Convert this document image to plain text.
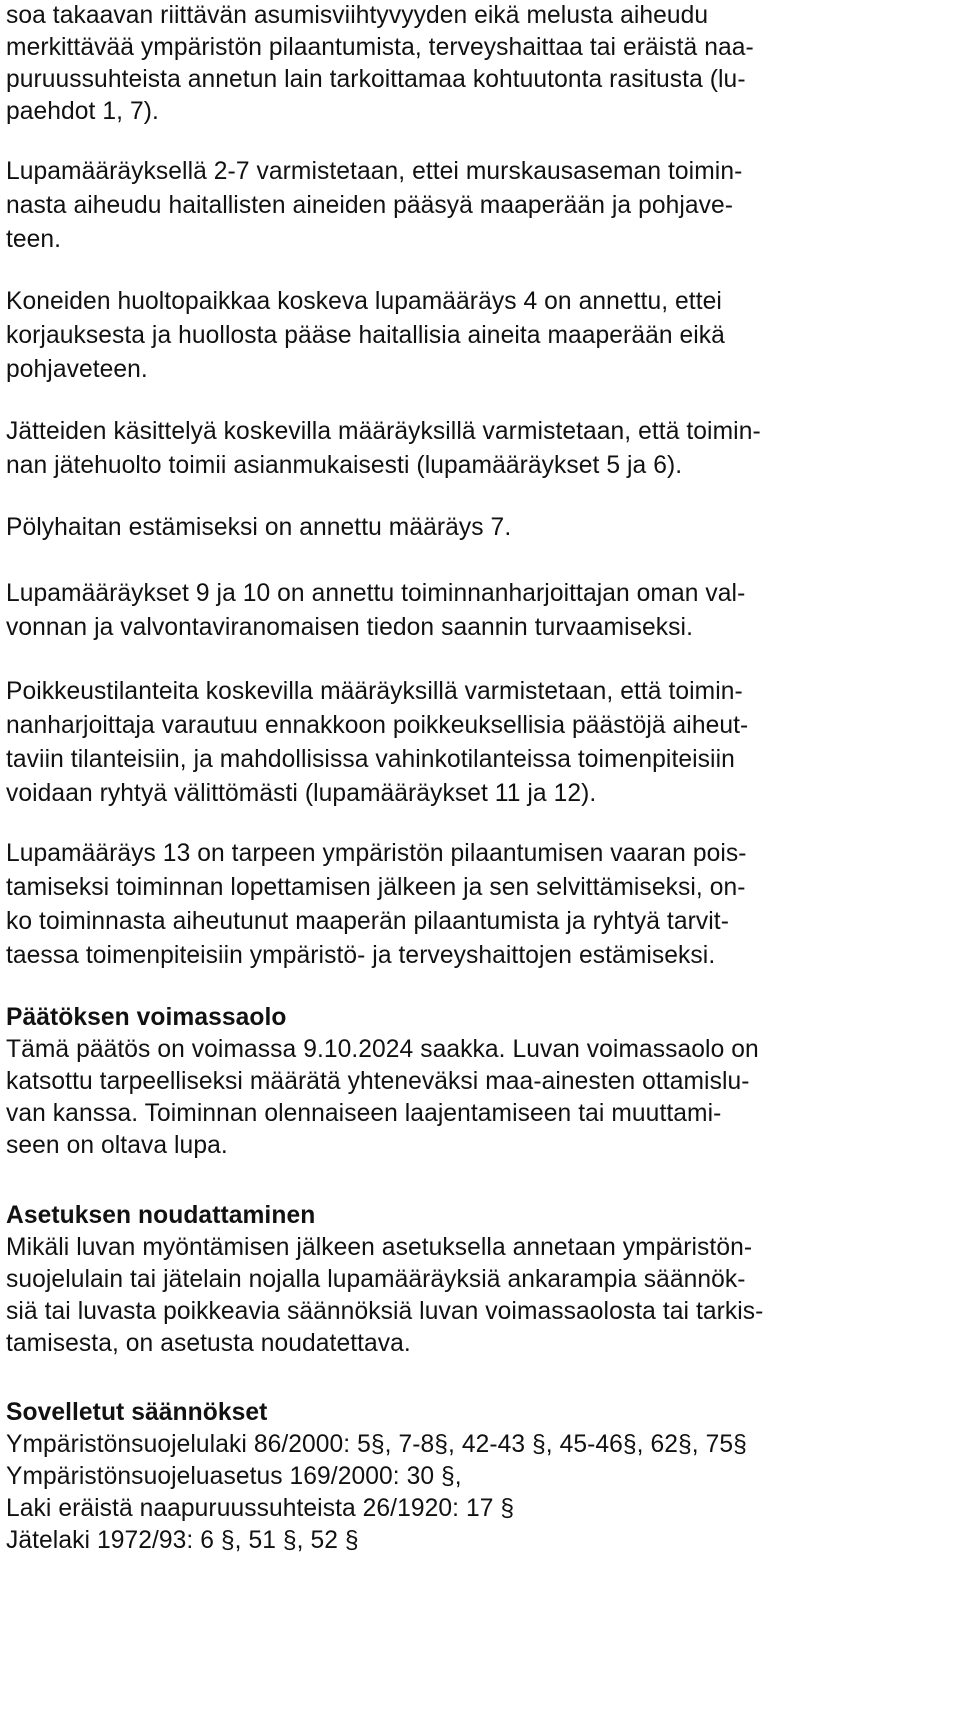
soa takaavan riittävän asumisviihtyvyyden eikä melusta aiheudu
merkittävää ympäristön pilaantumista, terveyshaittaa tai eräistä naa-
puruussuhteista annetun lain tarkoittamaa kohtuutonta rasitusta (lu-
paehdot 1, 7).
Lupamääräyksellä 2-7 varmistetaan, ettei murskausaseman toimin-
nasta aiheudu haitallisten aineiden pääsyä maaperään ja pohjave-
teen.
Koneiden huoltopaikkaa koskeva lupamääräys 4 on annettu, ettei
korjauksesta ja huollosta pääse haitallisia aineita maaperään eikä
pohjaveteen.
Jätteiden käsittelyä koskevilla määräyksillä varmistetaan, että toimin-
nan jätehuolto toimii asianmukaisesti (lupamääräykset 5 ja 6).
Pölyhaitan estämiseksi on annettu määräys 7.
Lupamääräykset 9 ja 10 on annettu toiminnanharjoittajan oman val-
vonnan ja valvontaviranomaisen tiedon saannin turvaamiseksi.
Poikkeustilanteita koskevilla määräyksillä varmistetaan, että toimin-
nanharjoittaja varautuu ennakkoon poikkeuksellisia päästöjä aiheut-
taviin tilanteisiin, ja mahdollisissa vahinkotilanteissa toimenpiteisiin
voidaan ryhtyä välittömästi (lupamääräykset 11 ja 12).
Lupamääräys 13 on tarpeen ympäristön pilaantumisen vaaran pois-
tamiseksi toiminnan lopettamisen jälkeen ja sen selvittämiseksi, on-
ko toiminnasta aiheutunut maaperän pilaantumista ja ryhtyä tarvit-
taessa toimenpiteisiin ympäristö- ja terveyshaittojen estämiseksi.
Päätöksen voimassaolo
Tämä päätös on voimassa 9.10.2024 saakka. Luvan voimassaolo on
katsottu tarpeelliseksi määrätä yhteneväksi maa-ainesten ottamislu-
van kanssa. Toiminnan olennaiseen laajentamiseen tai muuttami-
seen on oltava lupa.
Asetuksen noudattaminen
Mikäli luvan myöntämisen jälkeen asetuksella annetaan ympäristön-
suojelulain tai jätelain nojalla lupamääräyksiä ankarampia säännök-
siä tai luvasta poikkeavia säännöksiä luvan voimassaolosta tai tarkis-
tamisesta, on asetusta noudatettava.
Sovelletut säännökset
Ympäristönsuojelulaki 86/2000: 5§, 7-8§, 42-43 §, 45-46§, 62§, 75§
Ympäristönsuojeluasetus 169/2000: 30 §,
Laki eräistä naapuruussuhteista 26/1920: 17 §
Jätelaki 1972/93: 6 §, 51 §, 52 §
